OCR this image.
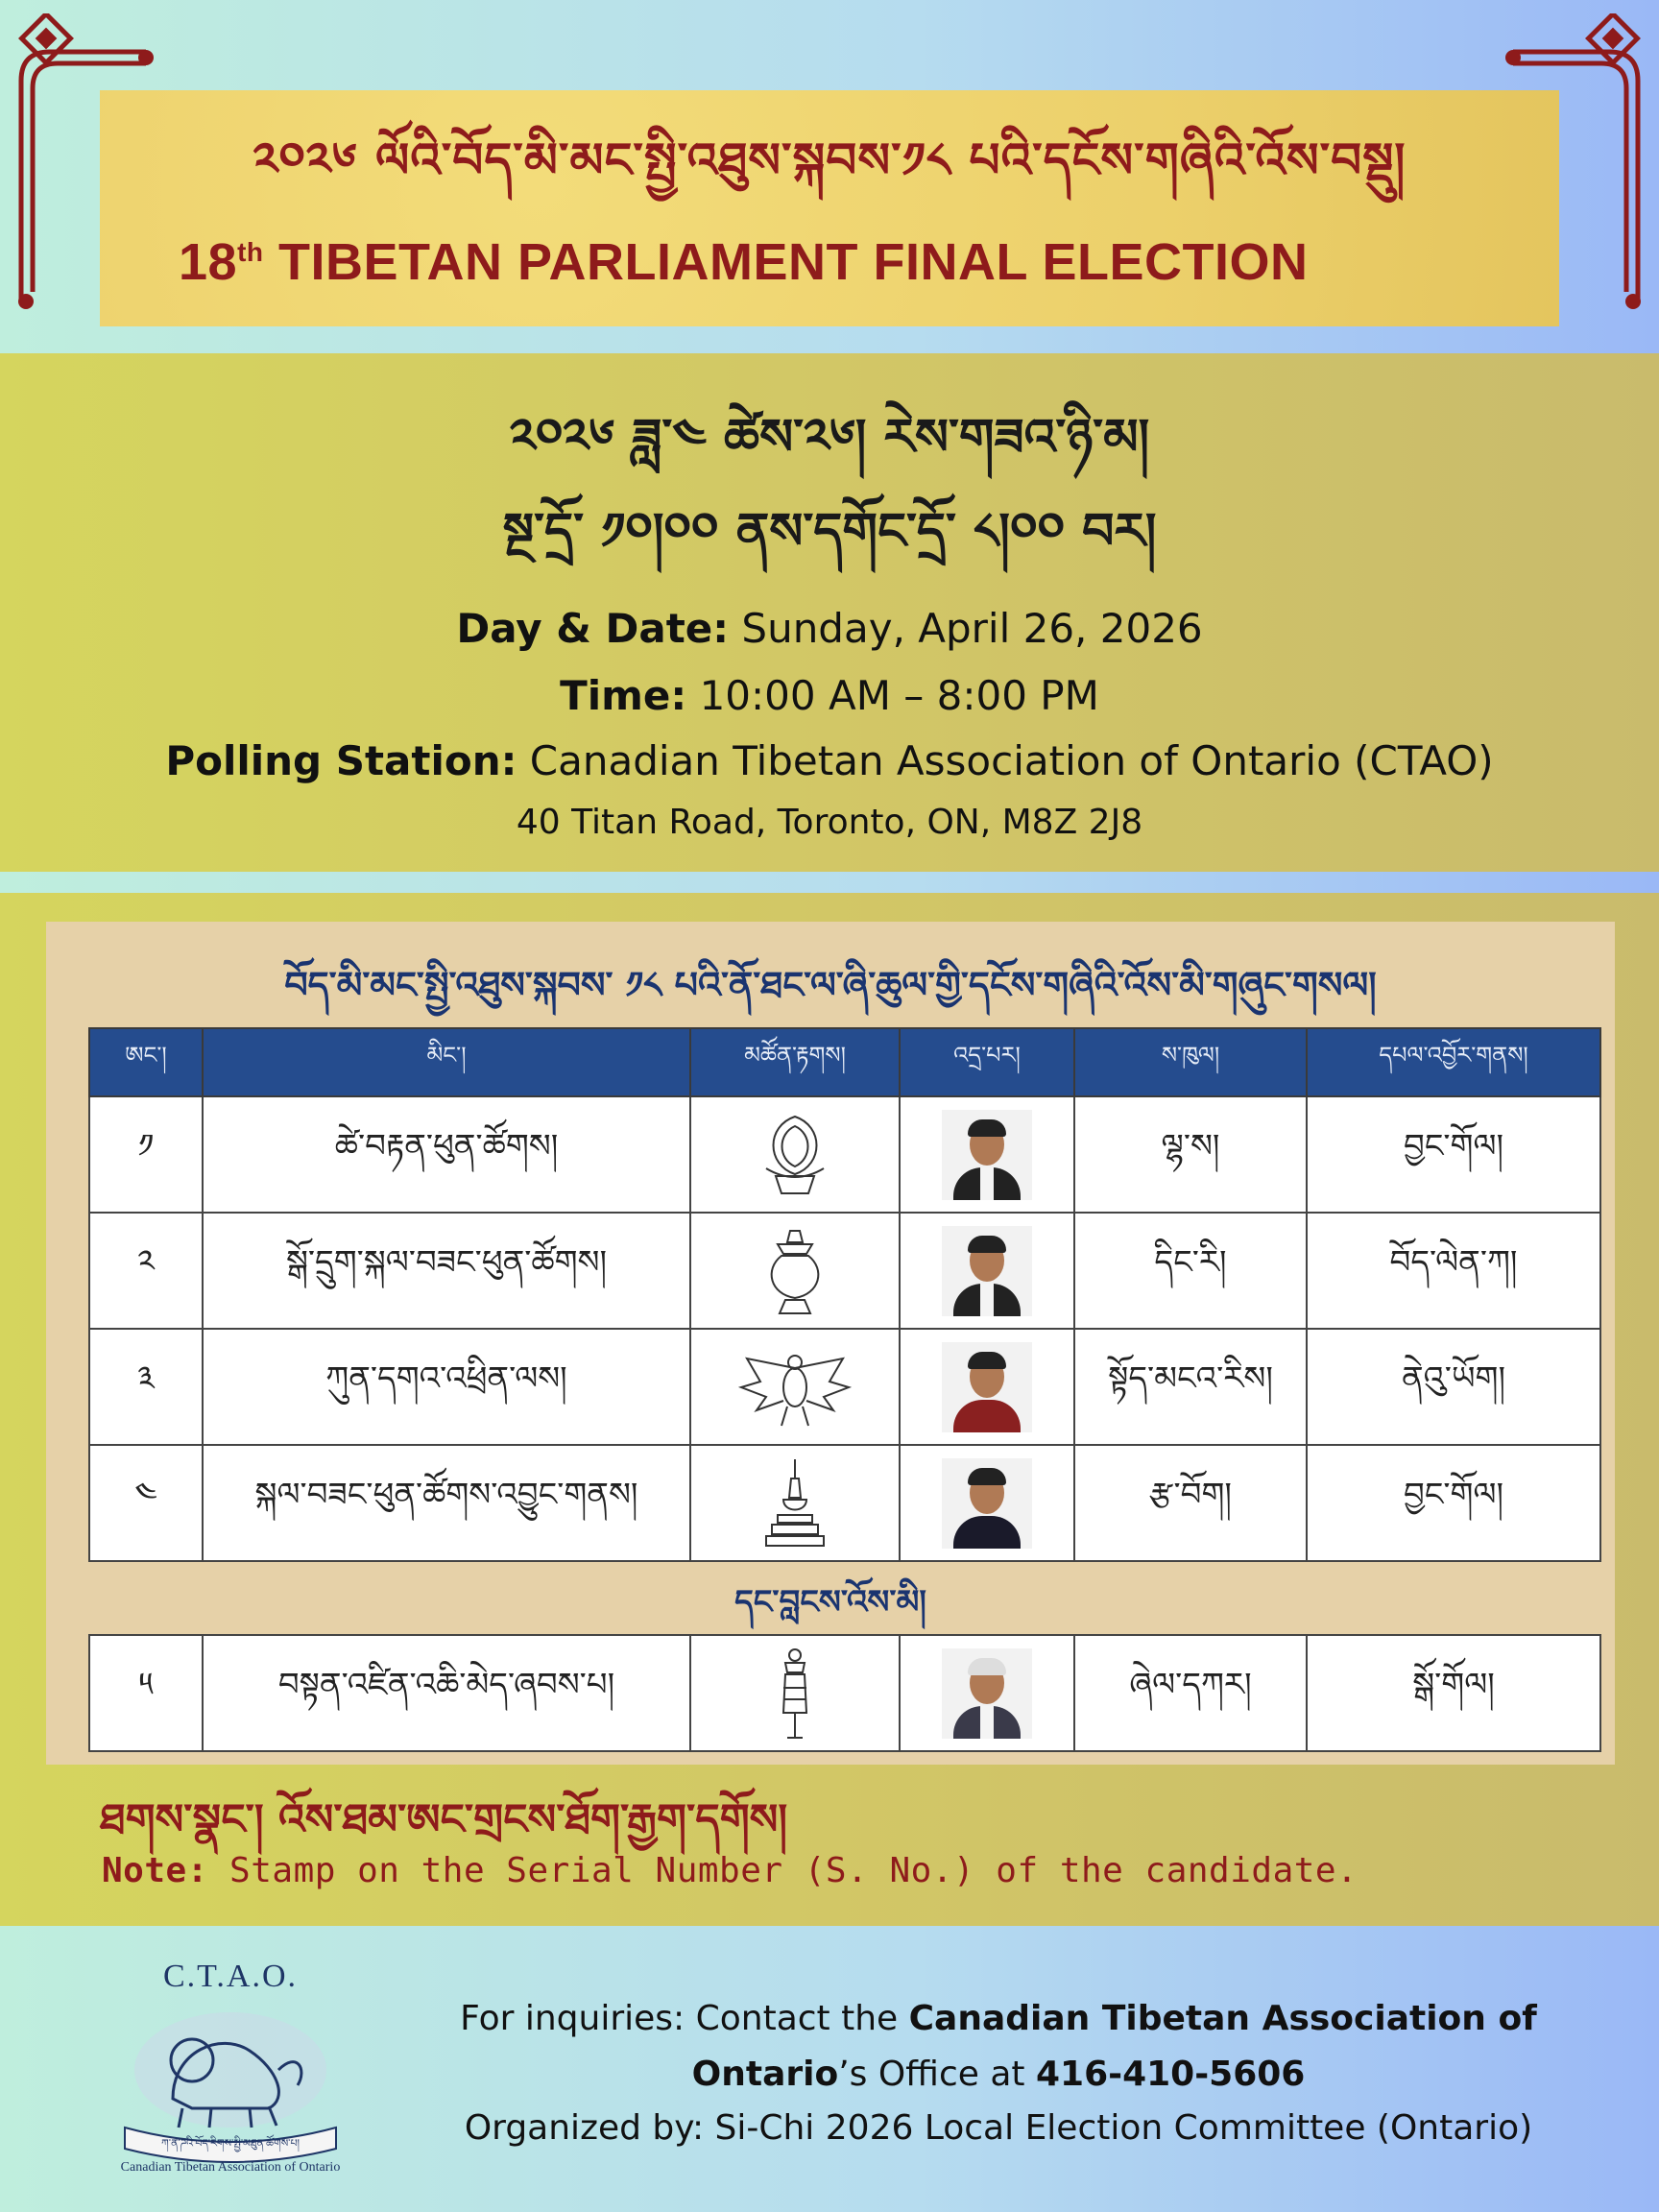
༢༠༢༦ ལོའི་བོད་མི་མང་སྤྱི་འཐུས་སྐབས་༡༨ པའི་དངོས་གཞིའི་འོས་བསྡུ།
18th TIBETAN PARLIAMENT FINAL ELECTION
༢༠༢༦ ཟླ་༤ ཚེས་༢༦། རེས་གཟའ་ཉི་མ།
སྔ་དྲོ་ ༡༠།༠༠ ནས་དགོང་དྲོ་ ༨།༠༠ བར།
Day & Date: Sunday, April 26, 2026
Time: 10:00 AM – 8:00 PM
Polling Station: Canadian Tibetan Association of Ontario (CTAO)
40 Titan Road, Toronto, ON, M8Z 2J8
བོད་མི་མང་སྤྱི་འཐུས་སྐབས་ ༡༨ པའི་ནོ་ཐང་ལ་ཞི་ཆུལ་གྱི་དངོས་གཞིའི་འོས་མི་གཞུང་གསལ།
ཨང་།	མིང་།	མཚོན་རྟགས།	འདྲ་པར།	ས་ཁུལ།	དཔལ་འབྱོར་གནས།
༡	ཚེ་བརྟན་ཕུན་ཚོགས།			ལྷ་ས།	བྱང་གོལ།
༢	སྒོ་དྲུག་སྐལ་བཟང་ཕུན་ཚོགས།			དིང་རི།	བོད་ལེན་ཀ།
༣	ཀུན་དགའ་འཕྲིན་ལས།			སྟོད་མངའ་རིས།	ནེའུ་ཡོག།
༤	སྐལ་བཟང་ཕུན་ཚོགས་འབྱུང་གནས།			རྩ་བོག།	བྱང་གོལ།
དང་བླངས་འོས་མི།
༥	བསྟན་འཛིན་འཆི་མེད་ཞབས་པ།			ཞེལ་དཀར།	སྒོ་གོལ།
ཐགས་སྣང་། འོས་ཐམ་ཨང་གྲངས་ཐོག་རྒྱག་དགོས།
Note: Stamp on the Serial Number (S. No.) of the candidate.
C.T.A.O.
ཀ་ན་ཌའི་བོད་རིགས་སྤྱི་མཐུན་ཚོགས་པ།
Canadian Tibetan Association of Ontario
For inquiries: Contact the Canadian Tibetan Association of
Ontario’s Office at 416-410-5606
Organized by: Si-Chi 2026 Local Election Committee (Ontario)
